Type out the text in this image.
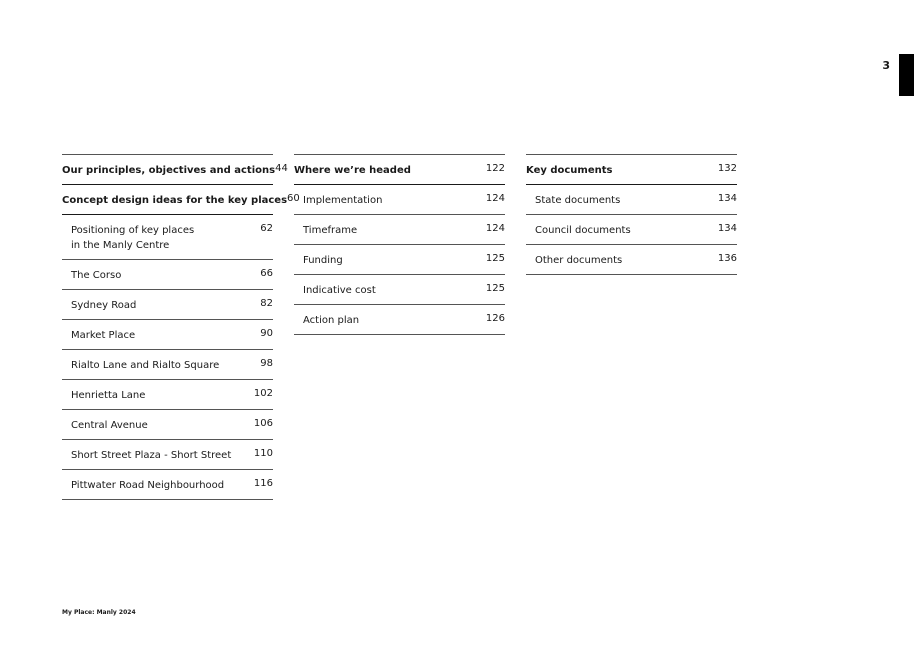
3
Our principles, objectives and actions 44
Concept design ideas for the key places 60
Positioning of key places
in the Manly Centre
62
The Corso	66
Sydney Road	82
Market Place	90
Rialto Lane and Rialto Square	98
Henrietta Lane	102
Central Avenue	106
Short Street Plaza - Short Street 110
Pittwater Road Neighbourhood	116
Where we’re headed	122
Implementation	124
Timeframe	124
Funding	125
Indicative cost	125
Action plan	126
Key documents	132
State documents	134
Council documents	134
Other documents	136
My Place: Manly 2024
